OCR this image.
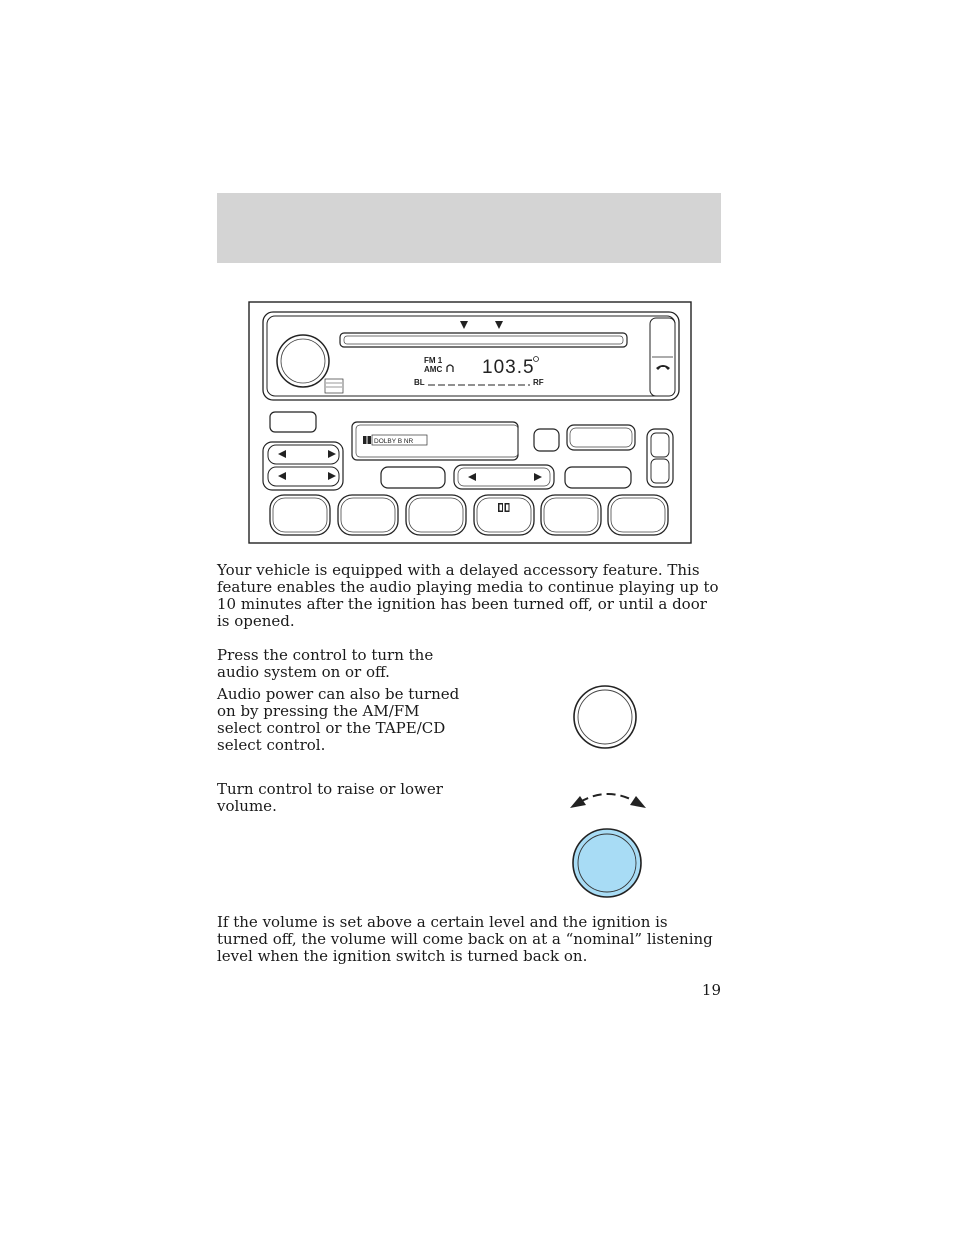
FM 1
AMC 103.5
BL	RF
DOLBY B NR

Your vehicle is equipped with a delayed accessory feature. This feature enables the audio playing media to continue playing up to 10 minutes after the ignition has been turned off, or until a door is opened.

Press the control to turn the audio system on or off.

Audio power can also be turned on by pressing the AM/FM select control or the TAPE/CD select control.

Turn control to raise or lower volume.

If the volume is set above a certain level and the ignition is turned off, the volume will come back on at a “nominal” listening level when the ignition switch is turned back on.

19
